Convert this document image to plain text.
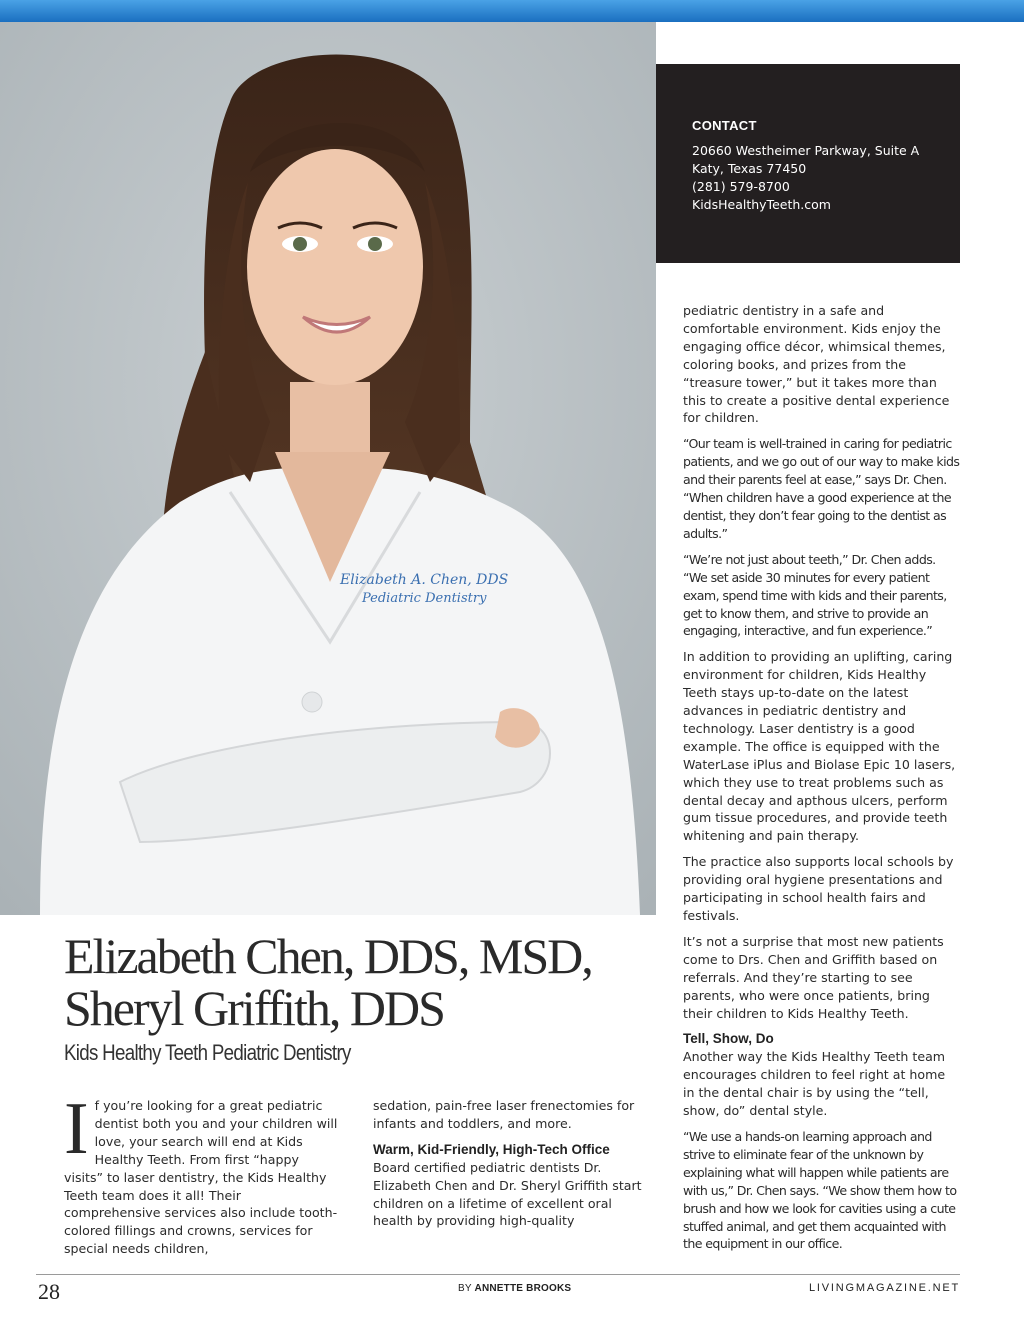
Elizabeth A. Chen, DDS
Pediatric Dentistry
CONTACT
20660 Westheimer Parkway, Suite A
Katy, Texas 77450
(281) 579-8700
KidsHealthyTeeth.com

pediatric dentistry in a safe and comfortable environment. Kids enjoy the engaging office décor, whimsical themes, coloring books, and prizes from the “treasure tower,” but it takes more than this to create a positive dental experience for children.

“Our team is well-trained in caring for pediatric patients, and we go out of our way to make kids and their parents feel at ease,” says Dr. Chen. “When children have a good experience at the dentist, they don’t fear going to the dentist as adults.”

“We’re not just about teeth,” Dr. Chen adds. “We set aside 30 minutes for every patient exam, spend time with kids and their parents, get to know them, and strive to provide an engaging, interactive, and fun experience.”

In addition to providing an uplifting, caring environment for children, Kids Healthy Teeth stays up-to-date on the latest advances in pediatric dentistry and technology. Laser dentistry is a good example. The office is equipped with the WaterLase iPlus and Biolase Epic 10 lasers, which they use to treat problems such as dental decay and apthous ulcers, perform gum tissue procedures, and provide teeth whitening and pain therapy.

The practice also supports local schools by providing oral hygiene presentations and participating in school health fairs and festivals.

It’s not a surprise that most new patients come to Drs. Chen and Griffith based on referrals. And they’re starting to see parents, who were once patients, bring their children to Kids Healthy Teeth.

Tell, Show, Do

Another way the Kids Healthy Teeth team encourages children to feel right at home in the dental chair is by using the “tell, show, do” dental style.

“We use a hands-on learning approach and strive to eliminate fear of the unknown by explaining what will happen while patients are with us,” Dr. Chen says. “We show them how to brush and how we look for cavities using a cute stuffed animal, and get them acquainted with the equipment in our office.

Elizabeth Chen, DDS, MSD,
Sheryl Griffith, DDS
Kids Healthy Teeth Pediatric Dentistry
I f you’re looking for a great pediatric dentist both you and your children will love, your search will end at Kids Healthy Teeth. From first “happy visits” to laser dentistry, the Kids Healthy Teeth team does it all! Their comprehensive services also include tooth-colored fillings and crowns, services for special needs children,

sedation, pain-free laser frenectomies for infants and toddlers, and more.

Warm, Kid-Friendly, High-Tech Office

Board certified pediatric dentists Dr. Elizabeth Chen and Dr. Sheryl Griffith start children on a lifetime of excellent oral health by providing high-quality

28	BY ANNETTE BROOKS	LIVINGMAGAZINE.NET
